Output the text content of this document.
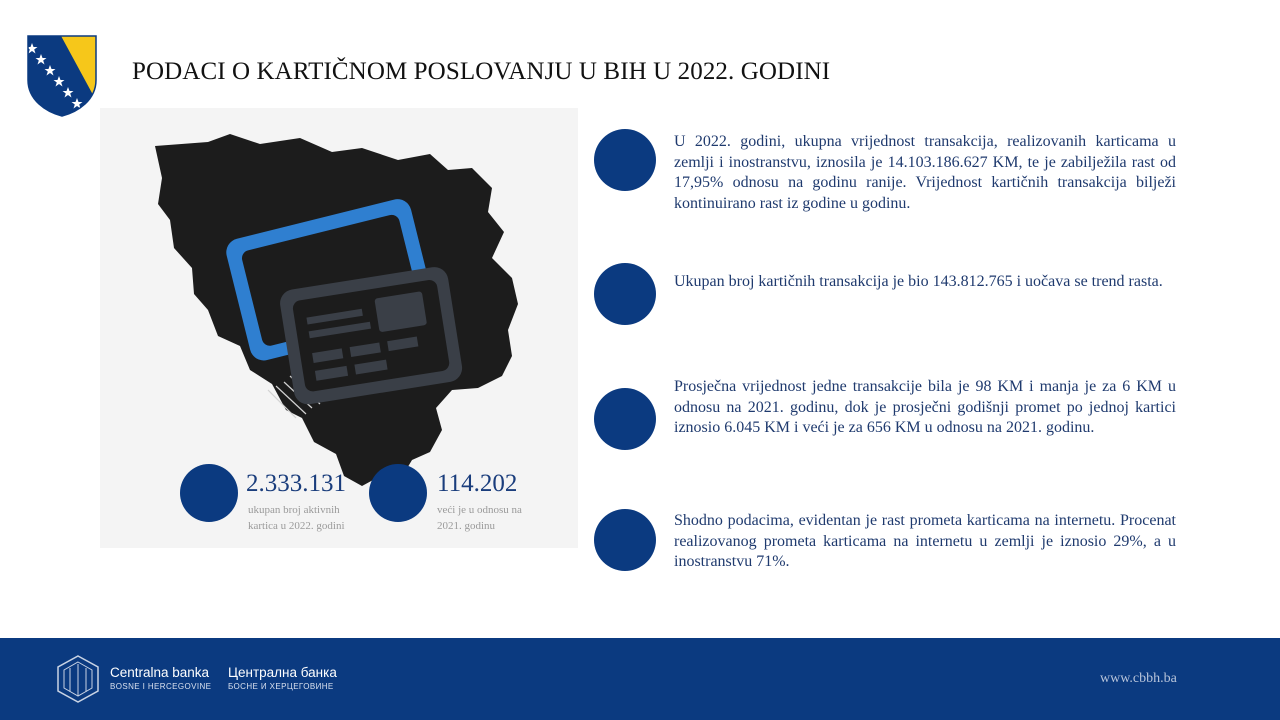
PODACI O KARTIČNOM POSLOVANJU U BIH U 2022. GODINI
2.333.131
ukupan broj aktivnih kartica u 2022. godini
114.202
veći je u odnosu na 2021. godinu
U 2022. godini, ukupna vrijednost transakcija, realizovanih karticama u zemlji i inostranstvu, iznosila je 14.103.186.627 KM, te je zabilježila rast od 17,95% odnosu na godinu ranije. Vrijednost kartičnih transakcija bilježi kontinuirano rast iz godine u godinu.
Ukupan broj kartičnih transakcija je bio 143.812.765 i uočava se trend rasta.
Prosječna vrijednost jedne transakcije bila je 98 KM i manja je za 6 KM u odnosu na 2021. godinu, dok je prosječni godišnji promet po jednoj kartici iznosio 6.045 KM i veći je za 656 KM u odnosu na 2021. godinu.
Shodno podacima, evidentan je rast prometa karticama na internetu. Procenat realizovanog prometa karticama na internetu u zemlji je iznosio 29%, a u inostranstvu 71%.
Centralna banka
BOSNE I HERCEGOVINE
Централна банка
БОСНЕ И ХЕРЦЕГОВИНЕ
www.cbbh.ba
